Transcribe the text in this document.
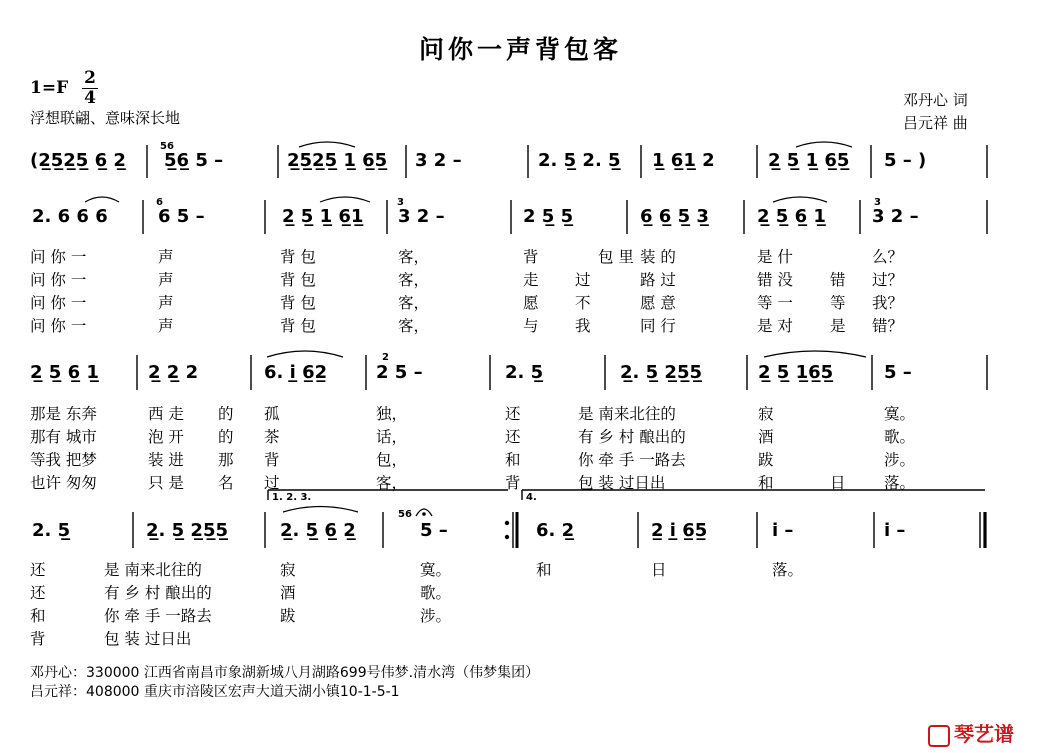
问你一声背包客
1=F 2
4
浮想联翩、意味深长地
邓丹心 词
吕元祥 曲
(2̲5̲2̲5̲ 6̲ 2̲
56
5̲6̲ 5 –	2̲5̲2̲5̲ 1̲ 6̲5̲ 3 2 –	2. 5̲ 2. 5̲ 1̲ 6̲1̲ 2	2̲ 5̲ 1̲ 6̲5̲ 5 – )
2. 6 6 6
6
6 5 –	2̲ 5̲ 1̲ 6̲1̲
3
3 2 –	2 5̲ 5̲	6̲ 6̲ 5̲ 3̲	2̲ 5̲ 6̲ 1̲
3
3 2 –
问 你 一	声	背 包	客，	背	包 里 装 的	是 什	么？
问 你 一	声	背 包	客，	走 过	路 过	错 没 错 过？
问 你 一	声	背 包	客，	愿 不	愿 意	等 一 等 我？
问 你 一	声	背 包	客，	与 我	同 行	是 对 是 错？
2̲ 5̲ 6̲ 1̲	2̲ 2̲ 2	6. i̲ 6̲2̲
2
2 5 –	2. 5̲	2̲. 5̲ 2̲5̲5̲	2̲ 5̲ 1̲6̲5̲	5 –
那是 东奔	西 走 的 孤	独，	还	是 南来北往的	寂	寞。
那有 城市	泡 开 的 茶	话，	还	有 乡 村 酿出的	酒	歌。
等我 把梦	装 进 那 背	包，	和	你 牵 手 一路去	跋	涉。
也许 匆匆	只 是 名 过	客，	背	包 装 过日出	和	日 落。
1. 2. 3.	4.
2. 5̲	2̲. 5̲ 2̲5̲5̲	2̲. 5̲ 6̲ 2̲
56
5 –	6. 2̲	2̲ i̲ 6̲5̲	i –	i –
还	是 南来北往的	寂	寞。	和	日	落。
还	有 乡 村 酿出的	酒	歌。
和	你 牵 手 一路去	跋	涉。
背	包 装 过日出
邓丹心：330000 江西省南昌市象湖新城八月湖路699号伟梦.清水湾（伟梦集团）
吕元祥：408000 重庆市涪陵区宏声大道天湖小镇10-1-5-1
琴艺谱
